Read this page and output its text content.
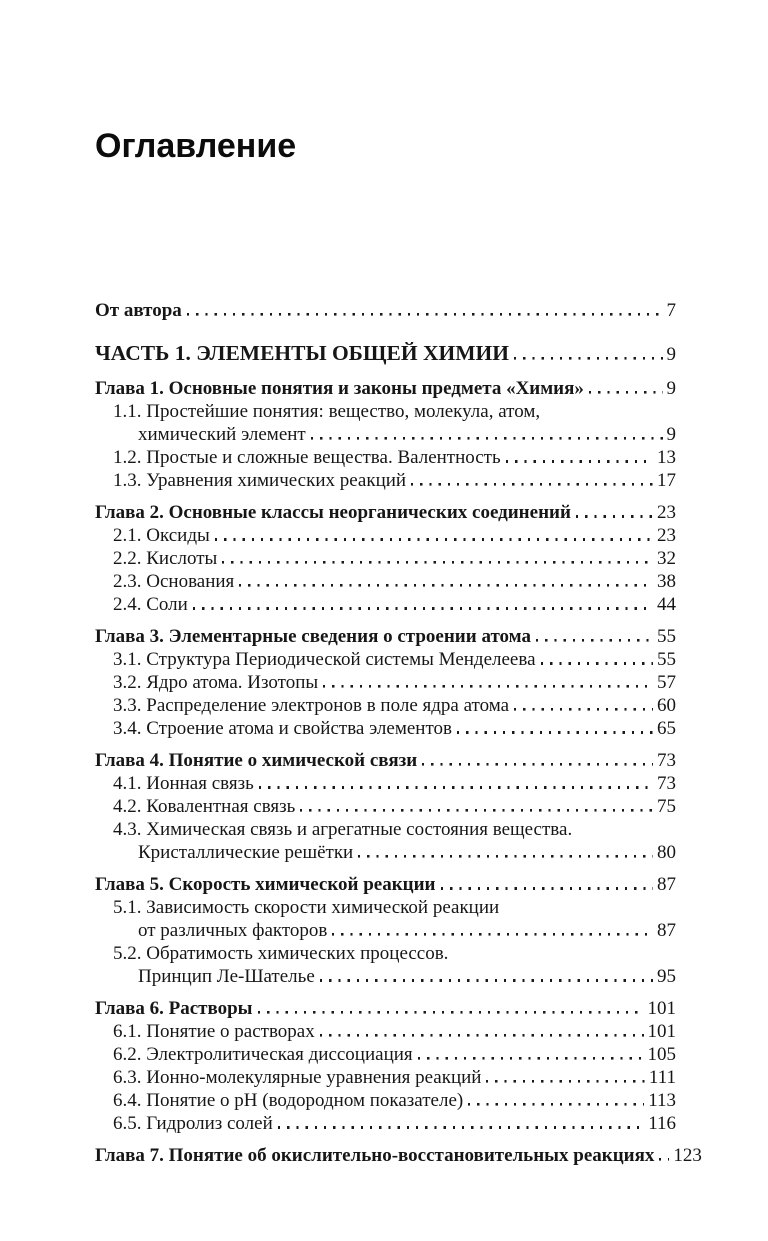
Оглавление
От автора	7
ЧАСТЬ 1. ЭЛЕМЕНТЫ ОБЩЕЙ ХИМИИ	9
Глава 1. Основные понятия и законы предмета «Химия»	9
1.1. Простейшие понятия: вещество, молекула, атом,
химический элемент	9
1.2. Простые и сложные вещества. Валентность	13
1.3. Уравнения химических реакций	17
Глава 2. Основные классы неорганических соединений	23
2.1. Оксиды	23
2.2. Кислоты	32
2.3. Основания	38
2.4. Соли	44
Глава 3. Элементарные сведения о строении атома	55
3.1. Структура Периодической системы Менделеева	55
3.2. Ядро атома. Изотопы	57
3.3. Распределение электронов в поле ядра атома	60
3.4. Строение атома и свойства элементов	65
Глава 4. Понятие о химической связи	73
4.1. Ионная связь	73
4.2. Ковалентная связь	75
4.3. Химическая связь и агрегатные состояния вещества.
Кристаллические решётки	80
Глава 5. Скорость химической реакции	87
5.1. Зависимость скорости химической реакции
от различных факторов	87
5.2. Обратимость химических процессов.
Принцип Ле-Шателье	95
Глава 6. Растворы	101
6.1. Понятие о растворах	101
6.2. Электролитическая диссоциация	105
6.3. Ионно-молекулярные уравнения реакций	111
6.4. Понятие о pH (водородном показателе)	113
6.5. Гидролиз солей	116
Глава 7. Понятие об окислительно-восстановительных реакциях 123
